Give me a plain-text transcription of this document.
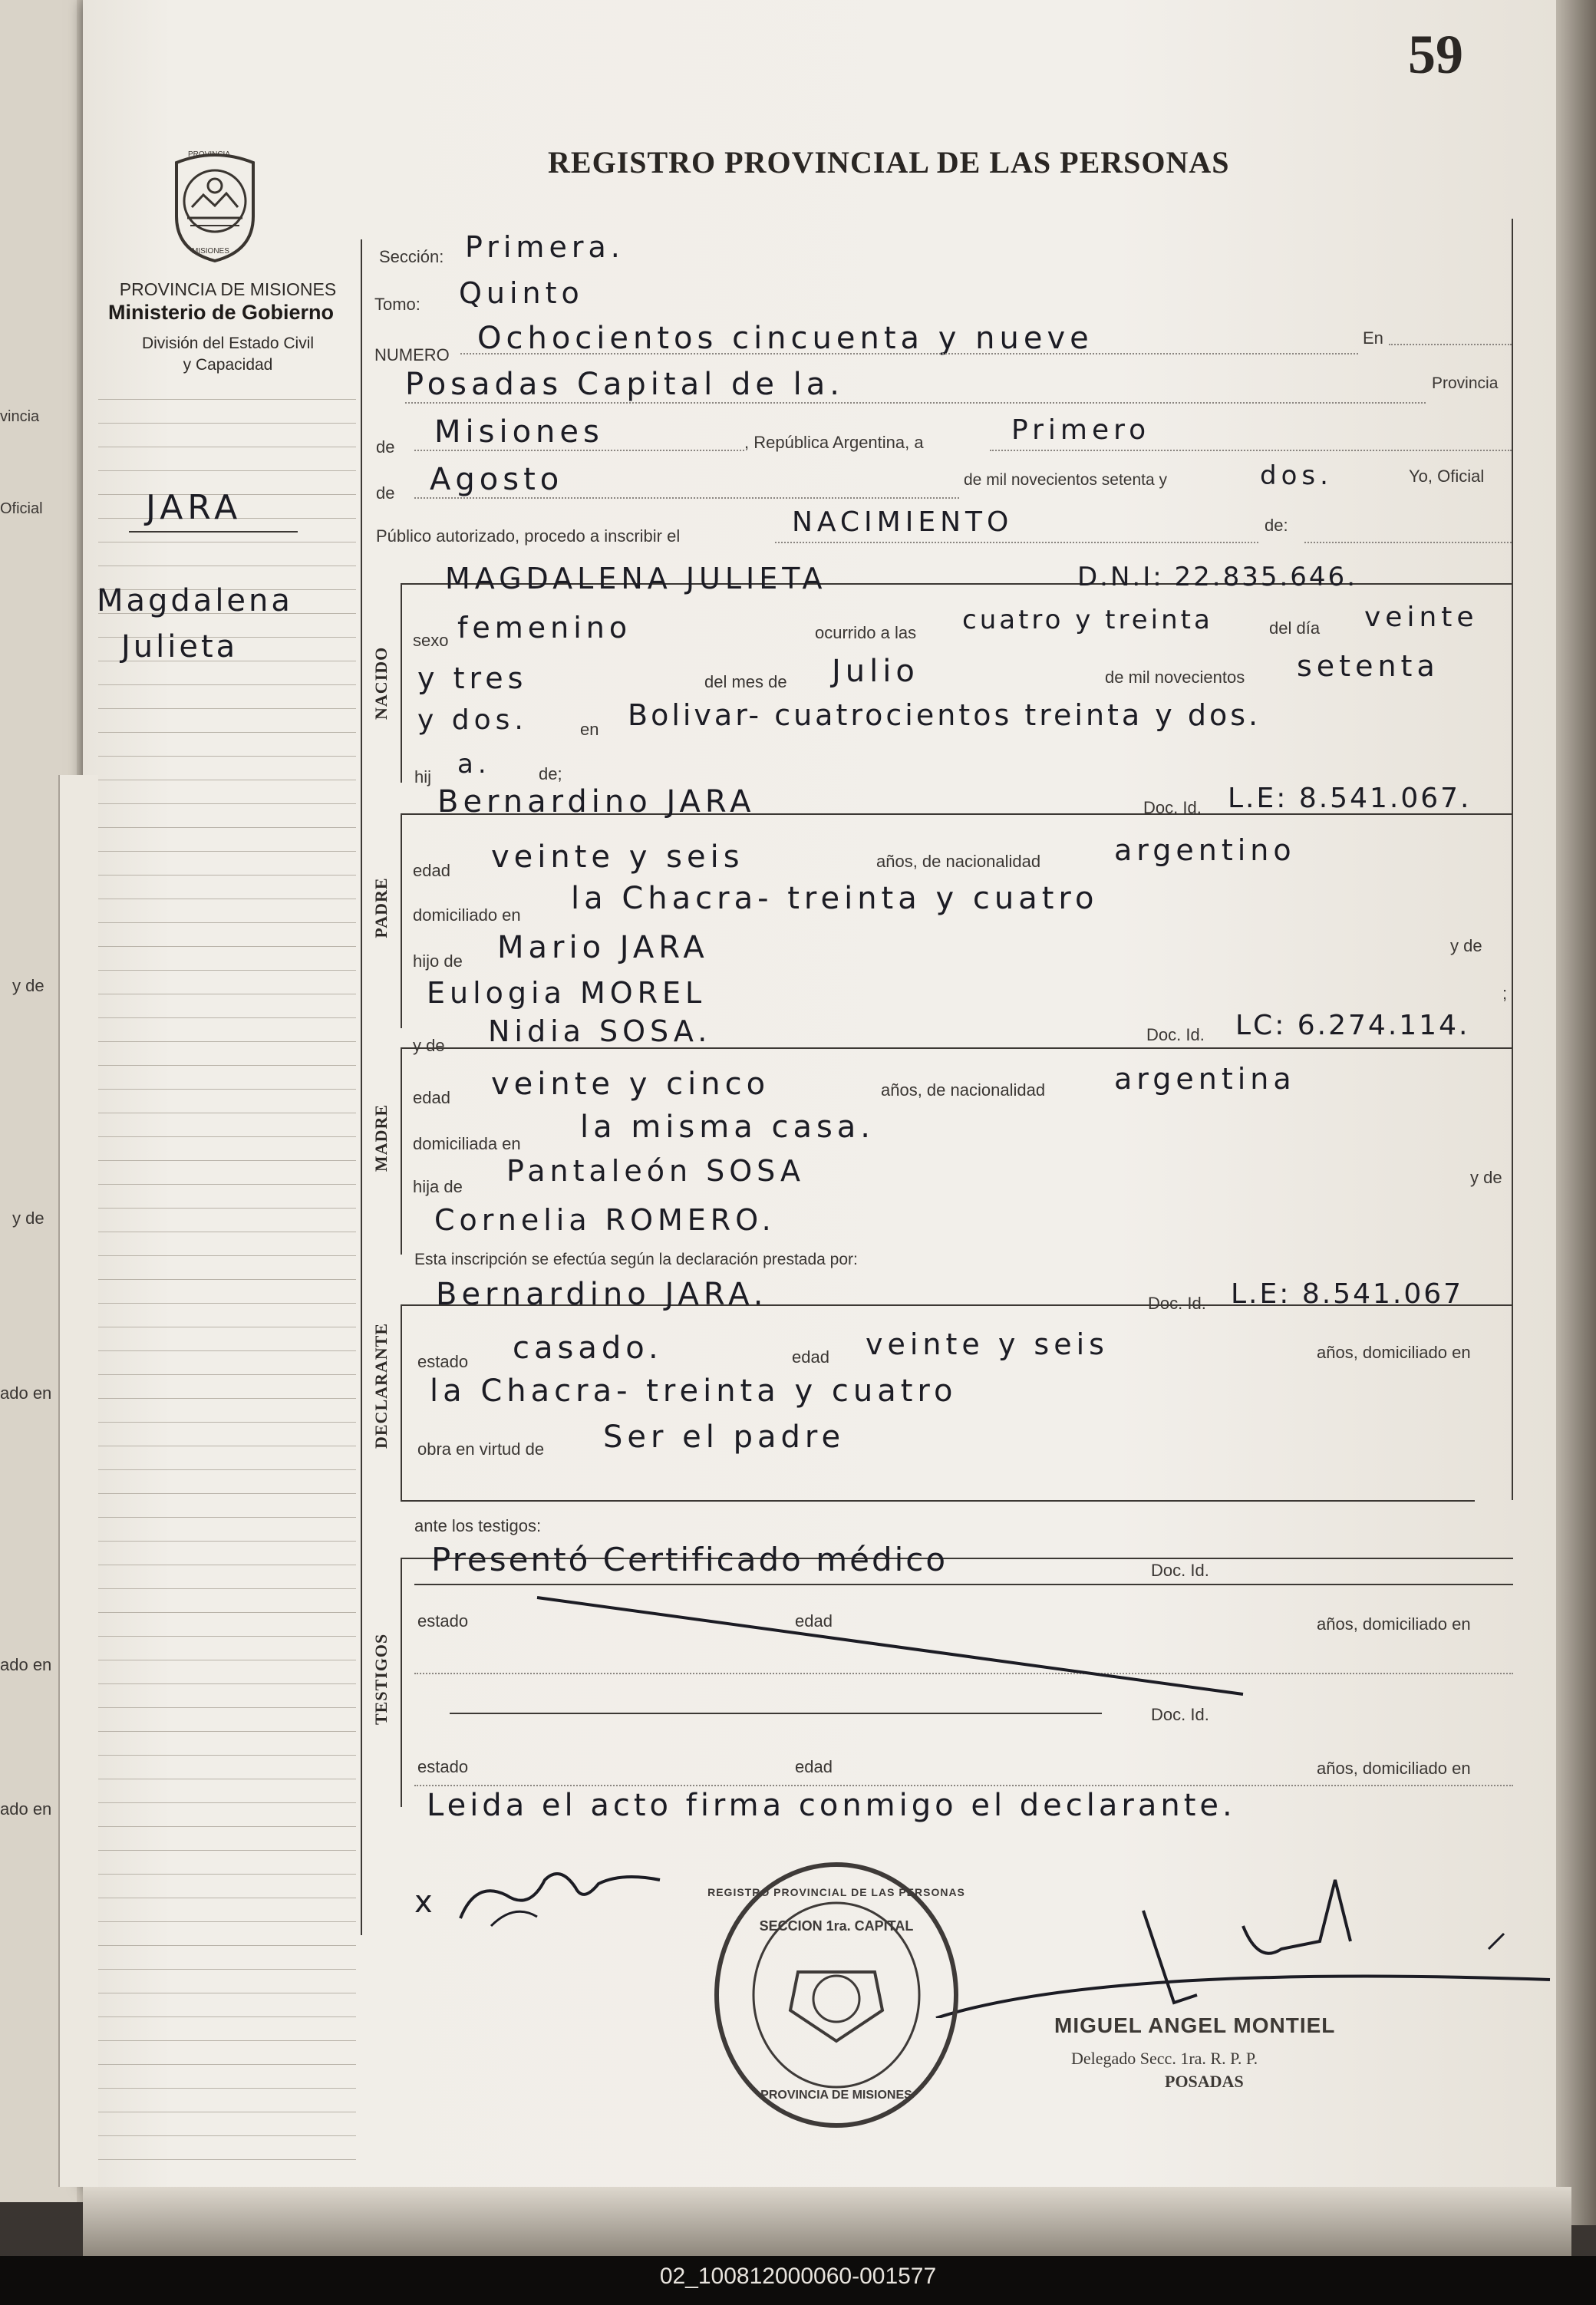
02_100812000060-001577
vincia
Oficial
y de
y de
ado en
ado en
ado en
59
REGISTRO PROVINCIAL DE LAS PERSONAS
PROVINCIA
MISIONES
PROVINCIA DE MISIONES
Ministerio de Gobierno
División del Estado Civil
y Capacidad
JARA
Magdalena
Julieta	NACIDO
PADRE
MADRE
DECLARANTE
TESTIGOS
Sección: Primera.
Tomo: Quinto
NUMERO Ochocientos cincuenta y nueve	En
Posadas Capital de la.	Provincia
de Misiones	, República Argentina, a	Primero
de Agosto	de mil novecientos setenta y	dos.	Yo, Oficial
Público autorizado, procedo a inscribir el	NACIMIENTO	de:
MAGDALENA JULIETA	D.N.I: 22.835.646.
sexo femenino	ocurrido a las cuatro y treinta	del día veinte
y tres	del mes de Julio	de mil novecientos setenta
y dos.	en Bolivar- cuatrocientos treinta y dos.
hij a.	de;
Bernardino JARA	Doc. Id. L.E: 8.541.067.
edad veinte y seis	años, de nacionalidad	argentino
domiciliado en la Chacra- treinta y cuatro
hijo de Mario JARA	y de
Eulogia MOREL	;
y de Nidia SOSA.	Doc. Id. LC: 6.274.114.
edad veinte y cinco	años, de nacionalidad argentina
domiciliada en la misma casa.
hija de Pantaleón SOSA	y de
Cornelia ROMERO.
Esta inscripción se efectúa según la declaración prestada por:
Bernardino JARA.	Doc. Id. L.E: 8.541.067
estado casado.	edad veinte y seis	años, domiciliado en
la Chacra- treinta y cuatro
obra en virtud de Ser el padre
ante los testigos:
Presentó Certificado médico	Doc. Id.
estado	edad	años, domiciliado en
Doc. Id.
estado	edad	años, domiciliado en
Leida el acto firma conmigo el declarante.
x
MIGUEL ANGEL MONTIEL
Delegado Secc. 1ra. R. P. P.
POSADAS
REGISTRO PROVINCIAL DE LAS PERSONAS
SECCION 1ra. CAPITAL
PROVINCIA DE MISIONES
